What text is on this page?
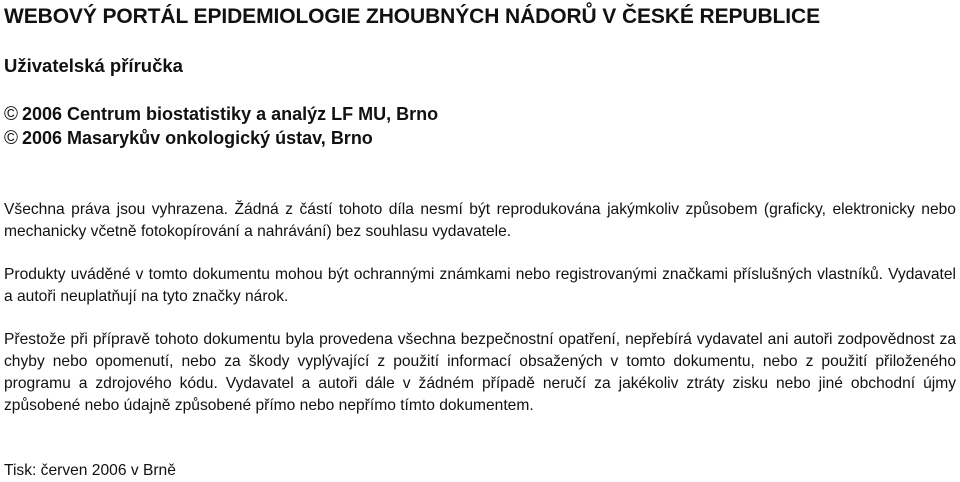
WEBOVÝ PORTÁL EPIDEMIOLOGIE ZHOUBNÝCH NÁDORŮ V ČESKÉ REPUBLICE
Uživatelská příručka

© 2006 Centrum biostatistiky a analýz LF MU, Brno

© 2006 Masarykův onkologický ústav, Brno

Všechna práva jsou vyhrazena. Žádná z částí tohoto díla nesmí být reprodukována jakýmkoliv způsobem (graficky, elektronicky nebo mechanicky včetně fotokopírování a nahrávání) bez souhlasu vydavatele.

Produkty uváděné v tomto dokumentu mohou být ochrannými známkami nebo registrovanými značkami příslušných vlastníků. Vydavatel a autoři neuplatňují na tyto značky nárok.

Přestože při přípravě tohoto dokumentu byla provedena všechna bezpečnostní opatření, nepřebírá vydavatel ani autoři zodpovědnost za chyby nebo opomenutí, nebo za škody vyplývající z použití informací obsažených v tomto dokumentu, nebo z použití přiloženého programu a zdrojového kódu. Vydavatel a autoři dále v žádném případě neručí za jakékoliv ztráty zisku nebo jiné obchodní újmy způsobené nebo údajně způsobené přímo nebo nepřímo tímto dokumentem.

Tisk: červen 2006 v Brně
